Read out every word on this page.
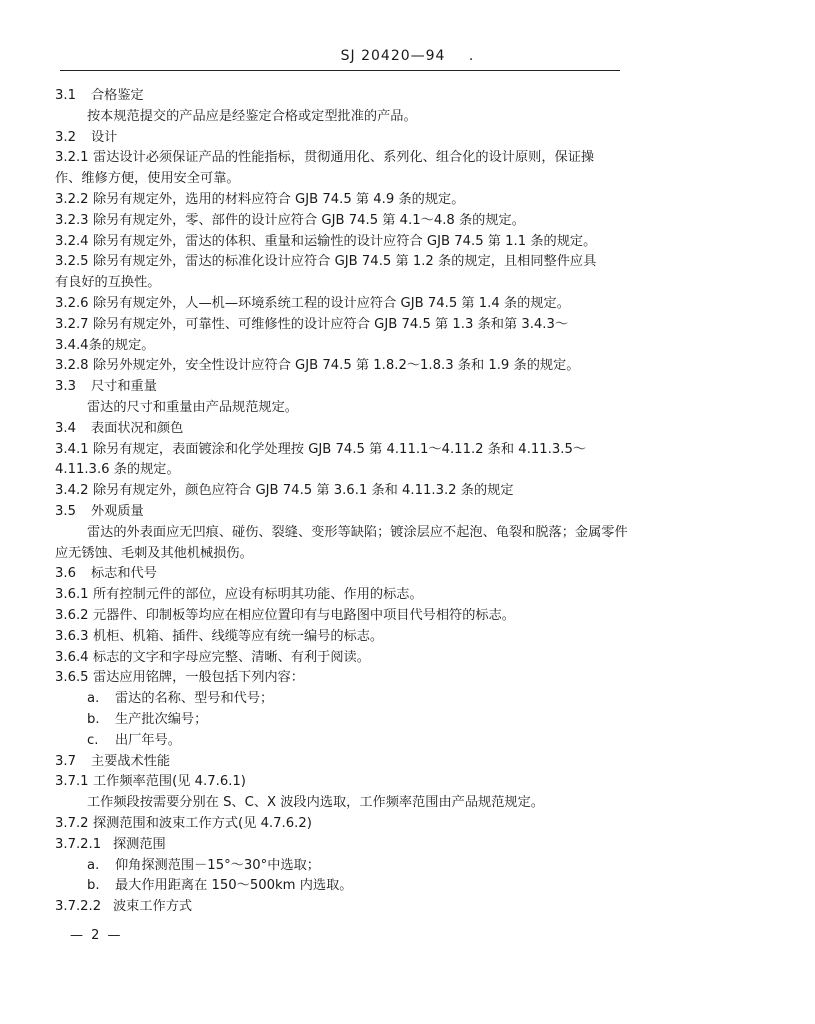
SJ 20420—94 .
3.1 合格鉴定
按本规范提交的产品应是经鉴定合格或定型批准的产品。
3.2 设计
3.2.1 雷达设计必须保证产品的性能指标，贯彻通用化、系列化、组合化的设计原则，保证操
作、维修方便，使用安全可靠。
3.2.2 除另有规定外，选用的材料应符合 GJB 74.5 第 4.9 条的规定。
3.2.3 除另有规定外，零、部件的设计应符合 GJB 74.5 第 4.1～4.8 条的规定。
3.2.4 除另有规定外，雷达的体积、重量和运输性的设计应符合 GJB 74.5 第 1.1 条的规定。
3.2.5 除另有规定外，雷达的标准化设计应符合 GJB 74.5 第 1.2 条的规定，且相同整件应具
有良好的互换性。
3.2.6 除另有规定外，人—机—环境系统工程的设计应符合 GJB 74.5 第 1.4 条的规定。
3.2.7 除另有规定外，可靠性、可维修性的设计应符合 GJB 74.5 第 1.3 条和第 3.4.3～
3.4.4条的规定。
3.2.8 除另外规定外，安全性设计应符合 GJB 74.5 第 1.8.2～1.8.3 条和 1.9 条的规定。
3.3 尺寸和重量
雷达的尺寸和重量由产品规范规定。
3.4 表面状况和颜色
3.4.1 除另有规定，表面镀涂和化学处理按 GJB 74.5 第 4.11.1～4.11.2 条和 4.11.3.5～
4.11.3.6 条的规定。
3.4.2 除另有规定外，颜色应符合 GJB 74.5 第 3.6.1 条和 4.11.3.2 条的规定
3.5 外观质量
雷达的外表面应无凹痕、碰伤、裂缝、变形等缺陷；镀涂层应不起泡、龟裂和脱落；金属零件
应无锈蚀、毛刺及其他机械损伤。
3.6 标志和代号
3.6.1 所有控制元件的部位，应设有标明其功能、作用的标志。
3.6.2 元器件、印制板等均应在相应位置印有与电路图中项目代号相符的标志。
3.6.3 机柜、机箱、插件、线缆等应有统一编号的标志。
3.6.4 标志的文字和字母应完整、清晰、有利于阅读。
3.6.5 雷达应用铭牌，一般包括下列内容：
a. 雷达的名称、型号和代号；
b. 生产批次编号；
c. 出厂年号。
3.7 主要战术性能
3.7.1 工作频率范围(见 4.7.6.1)
工作频段按需要分别在 S、C、X 波段内选取，工作频率范围由产品规范规定。
3.7.2 探测范围和波束工作方式(见 4.7.6.2)
3.7.2.1 探测范围
a. 仰角探测范围－15°～30°中选取；
b. 最大作用距离在 150～500km 内选取。
3.7.2.2 波束工作方式
— 2 —
